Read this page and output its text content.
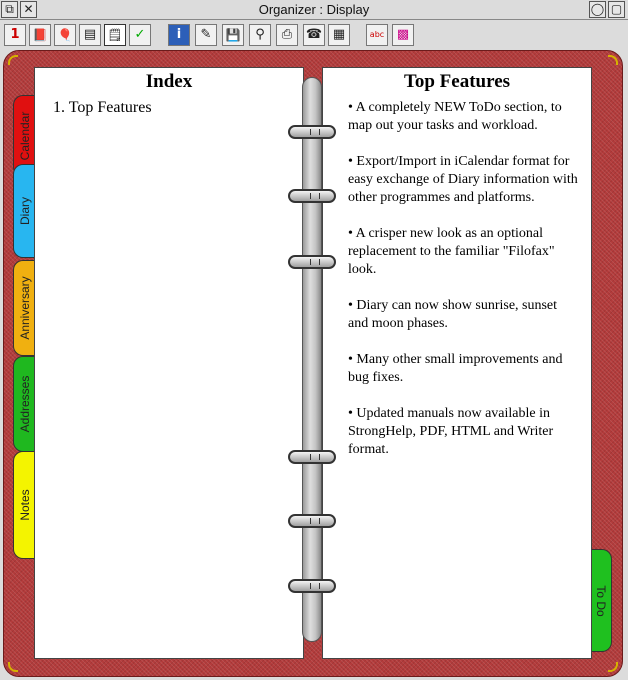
⧉ ✕	Organizer : Display	◯ ▢
1	📕 🎈 ▤ 🗒 ✓	i	✎	💾	⚲	⎙	☎ ▦	abc ▩
Calendar
Diary
Anniversary
Addresses
Notes
To Do
Index
1. Top Features
Top Features
• A completely NEW ToDo section, to map out your tasks and workload.
• Export/Import in iCalendar format for easy exchange of Diary information with other programmes and platforms.
• A crisper new look as an optional replacement to the familiar "Filofax" look.
• Diary can now show sunrise, sunset and moon phases.
• Many other small improvements and bug fixes.
• Updated manuals now available in StrongHelp, PDF, HTML and Writer format.
